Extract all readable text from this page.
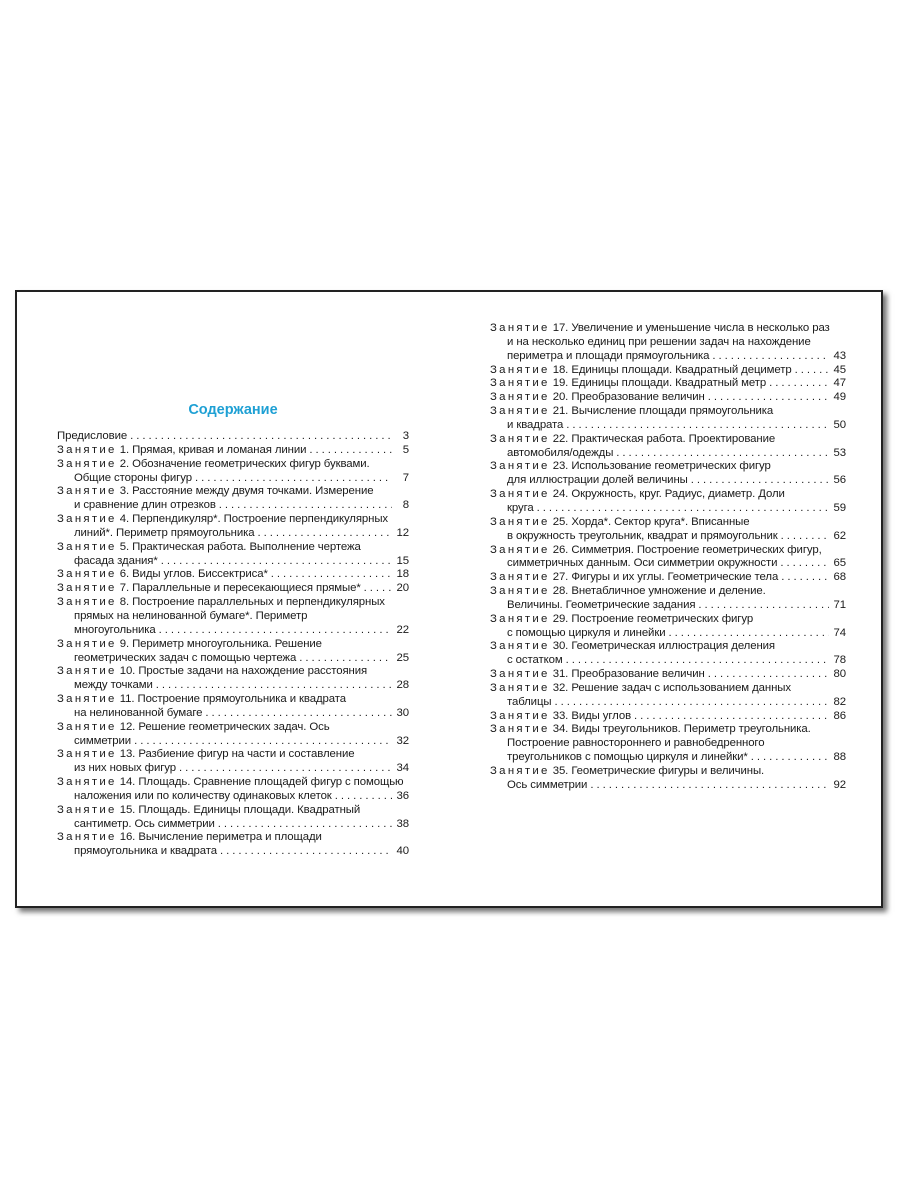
Содержание
Предисловие . . .	3
Занятие 1.
Прямая, кривая и ломаная линии . . .	5
Занятие 2.
Обозначение геометрических фигур буквами.
Общие стороны фигур . . .	7
Занятие 3.
Расстояние между двумя точками. Измерение
и сравнение длин отрезков . . .	8
Занятие 4.
Перпендикуляр*. Построение перпендикулярных
линий*. Периметр прямоугольника . . .	12
Занятие 5.
Практическая работа. Выполнение чертежа
фасада здания* . . .	15
Занятие 6.
Виды углов. Биссектриса* . . .	18
Занятие 7.
Параллельные и пересекающиеся прямые* . . .	20
Занятие 8.
Построение параллельных и перпендикулярных
прямых на нелинованной бумаге*. Периметр
многоугольника . . .	22
Занятие 9.
Периметр многоугольника. Решение
геометрических задач с помощью чертежа . . .	25
Занятие 10.
Простые задачи на нахождение расстояния
между точками . . .	28
Занятие 11.
Построение прямоугольника и квадрата
на нелинованной бумаге . . .	30
Занятие 12.
Решение геометрических задач. Ось
симметрии . . .	32
Занятие 13.
Разбиение фигур на части и составление
из них новых фигур . . .	34
Занятие 14.
Площадь. Сравнение площадей фигур с помощью
наложения или по количеству одинаковых клеток . . .	36
Занятие 15.
Площадь. Единицы площади. Квадратный
сантиметр. Ось симметрии . . .	38
Занятие 16.
Вычисление периметра и площади
прямоугольника и квадрата . . .	40
Занятие 17.
Увеличение и уменьшение числа в несколько раз
и на несколько единиц при решении задач на нахождение
периметра и площади прямоугольника . . .	43
Занятие 18.
Единицы площади. Квадратный дециметр . . .	45
Занятие 19.
Единицы площади. Квадратный метр . . .	47
Занятие 20.
Преобразование величин . . .	49
Занятие 21.
Вычисление площади прямоугольника
и квадрата . . .	50
Занятие 22.
Практическая работа. Проектирование
автомобиля/одежды . . .	53
Занятие 23.
Использование геометрических фигур
для иллюстрации долей величины . . .	56
Занятие 24.
Окружность, круг. Радиус, диаметр. Доли
круга . . .	59
Занятие 25.
Хорда*. Сектор круга*. Вписанные
в окружность треугольник, квадрат и прямоугольник . . .	62
Занятие 26.
Симметрия. Построение геометрических фигур,
симметричных данным. Оси симметрии окружности . . .	65
Занятие 27.
Фигуры и их углы. Геометрические тела . . .	68
Занятие 28.
Внетабличное умножение и деление.
Величины. Геометрические задания . . .	71
Занятие 29.
Построение геометрических фигур
с помощью циркуля и линейки . . .	74
Занятие 30.
Геометрическая иллюстрация деления
с остатком . . .	78
Занятие 31.
Преобразование величин . . .	80
Занятие 32.
Решение задач с использованием данных
таблицы . . .	82
Занятие 33.
Виды углов . . .	86
Занятие 34.
Виды треугольников. Периметр треугольника.
Построение равностороннего и равнобедренного
треугольников с помощью циркуля и линейки* . . .	88
Занятие 35.
Геометрические фигуры и величины.
Ось симметрии . . .	92
